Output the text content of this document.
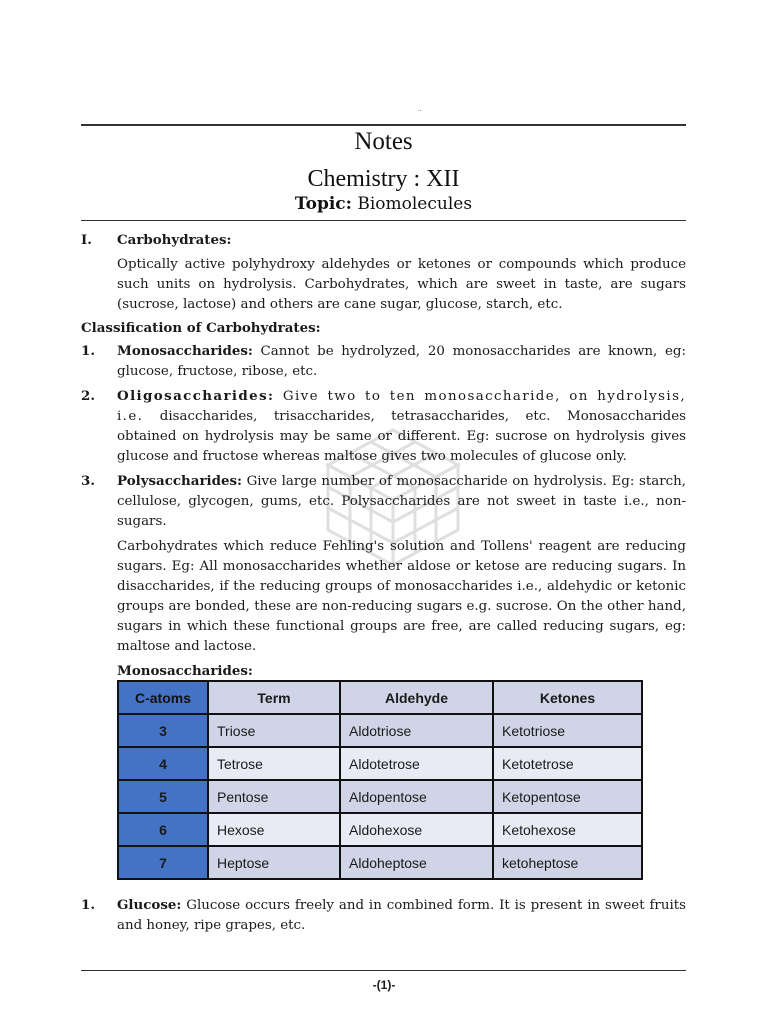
..
Notes
Chemistry : XII
Topic: Biomolecules
I.	Carbohydrates:
Optically active polyhydroxy aldehydes or ketones or compounds which produce such units on hydrolysis. Carbohydrates, which are sweet in taste, are sugars (sucrose, lactose) and others are cane sugar, glucose, starch, etc.
Classification of Carbohydrates:
1.	Monosaccharides: Cannot be hydrolyzed, 20 monosaccharides are known, eg: glucose, fructose, ribose, etc.
2.	Oligosaccharides: Give two to ten monosaccharide, on hydrolysis, i.e. disaccharides, trisaccharides, tetrasaccharides, etc. Monosaccharides obtained on hydrolysis may be same or different. Eg: sucrose on hydrolysis gives glucose and fructose whereas maltose gives two molecules of glucose only.
3.	Polysaccharides: Give large number of monosaccharide on hydrolysis. Eg: starch, cellulose, glycogen, gums, etc. Polysaccharides are not sweet in taste i.e., non-sugars.
Carbohydrates which reduce Fehling's solution and Tollens' reagent are reducing sugars. Eg: All monosaccharides whether aldose or ketose are reducing sugars. In disaccharides, if the reducing groups of monosaccharides i.e., aldehydic or ketonic groups are bonded, these are non-reducing sugars e.g. sucrose. On the other hand, sugars in which these functional groups are free, are called reducing sugars, eg: maltose and lactose.
Monosaccharides:
C-atoms	Term	Aldehyde	Ketones
3	Triose	Aldotriose	Ketotriose
4	Tetrose	Aldotetrose	Ketotetrose
5	Pentose	Aldopentose	Ketopentose
6	Hexose	Aldohexose	Ketohexose
7	Heptose	Aldoheptose	ketoheptose
1.	Glucose: Glucose occurs freely and in combined form. It is present in sweet fruits and honey, ripe grapes, etc.
-(1)-
